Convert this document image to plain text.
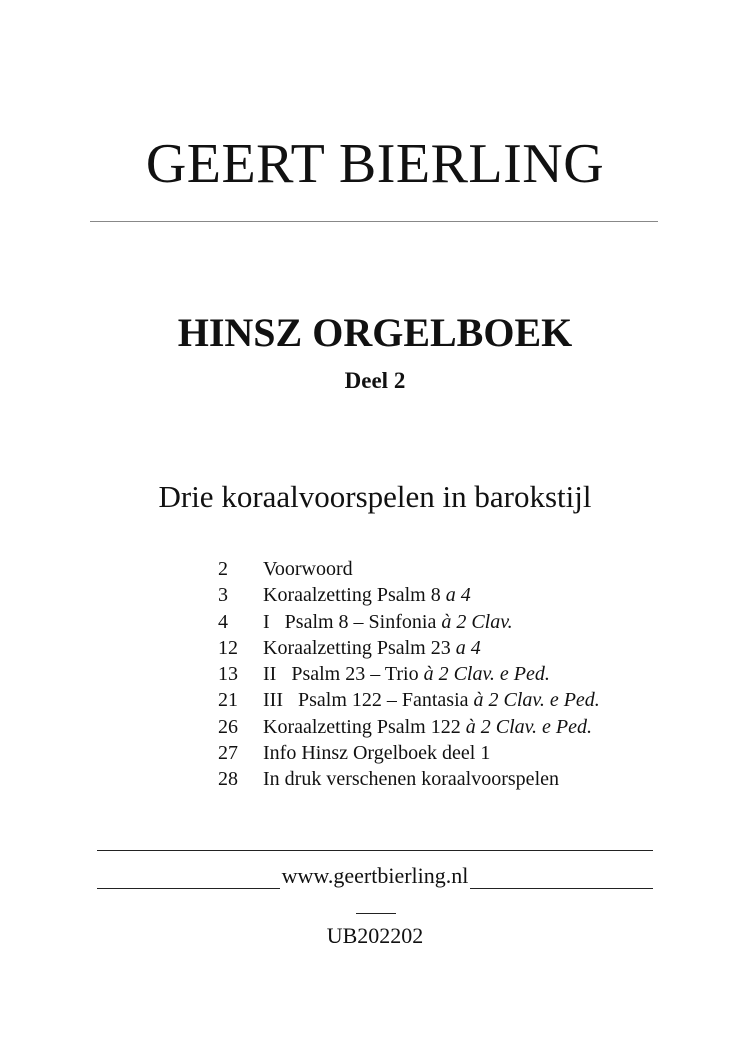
GEERT BIERLING
HINSZ ORGELBOEK
Deel 2
Drie koraalvoorspelen in barokstijl
2 Voorwoord
3 Koraalzetting Psalm 8 a 4
4 I   Psalm 8 – Sinfonia à 2 Clav.
12 Koraalzetting Psalm 23 a 4
13 II   Psalm 23 – Trio à 2 Clav. e Ped.
21 III   Psalm 122 – Fantasia à 2 Clav. e Ped.
26 Koraalzetting Psalm 122 à 2 Clav. e Ped.
27 Info Hinsz Orgelboek deel 1
28 In druk verschenen koraalvoorspelen
www.geertbierling.nl
UB202202
